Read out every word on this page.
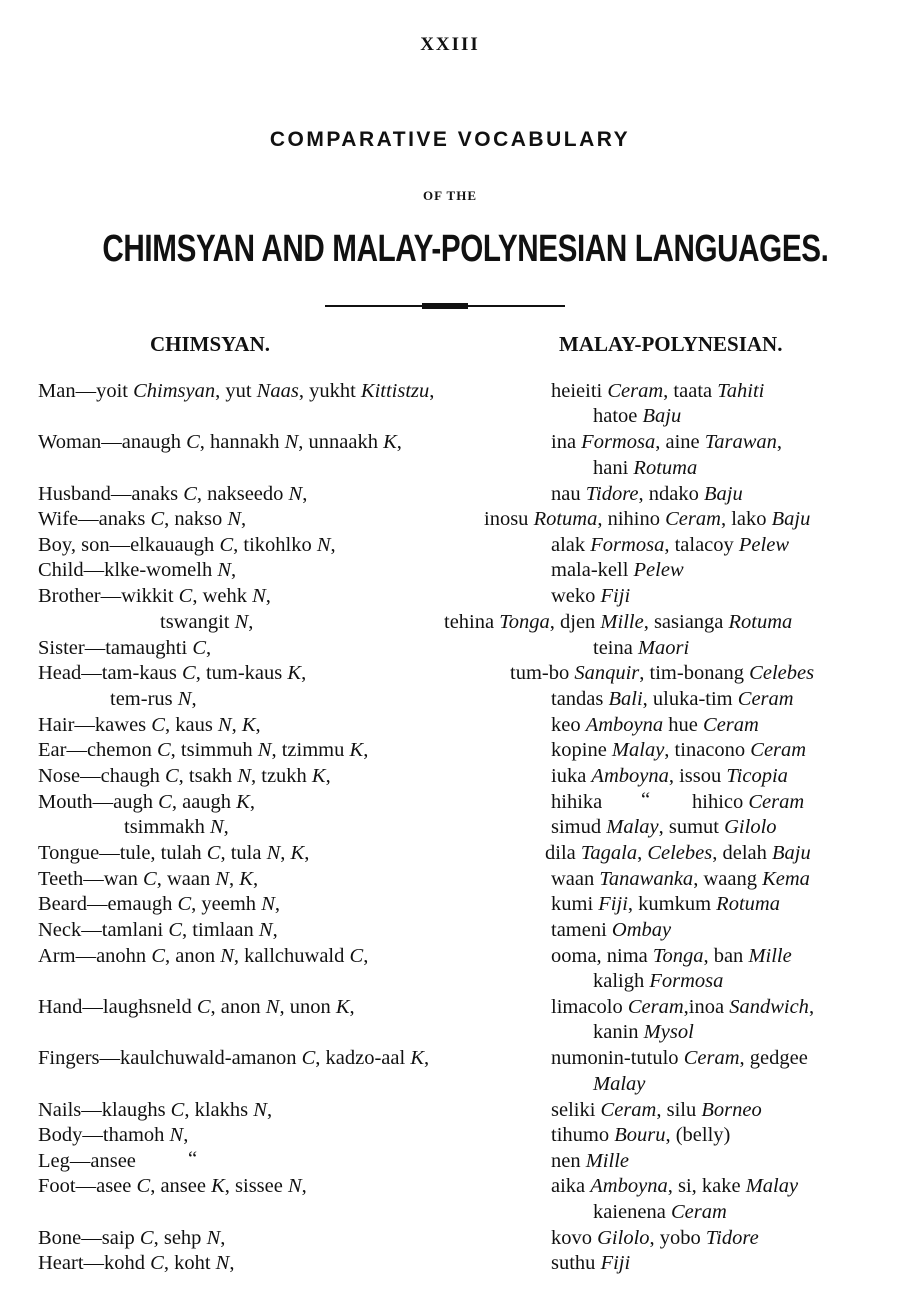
XXIII
COMPARATIVE VOCABULARY
OF THE
CHIMSYAN AND MALAY-POLYNESIAN LANGUAGES.
CHIMSYAN.	MALAY-POLYNESIAN.
Man—yoit Chimsyan, yut Naas, yukht Kittistzu,
Woman—anaugh C, hannakh N, unnaakh K,
Husband—anaks C, nakseedo N,
Wife—anaks C, nakso N,
Boy, son—elkauaugh C, tikohlko N,
Child—klke-womelh N,
Brother—wikkit C, wehk N,
tswangit N,
Sister—tamaughti C,
Head—tam-kaus C, tum-kaus K,
tem-rus N,
Hair—kawes C, kaus N, K,
Ear—chemon C, tsimmuh N, tzimmu K,
Nose—chaugh C, tsakh N, tzukh K,
Mouth—augh C, aaugh K,
tsimmakh N,
Tongue—tule, tulah C, tula N, K,
Teeth—wan C, waan N, K,
Beard—emaugh C, yeemh N,
Neck—tamlani C, timlaan N,
Arm—anohn C, anon N, kallchuwald C,
Hand—laughsneld C, anon N, unon K,
Fingers—kaulchuwald-amanon C, kadzo-aal K,
Nails—klaughs C, klakhs N,
Body—thamoh N,
Leg—ansee	“
Foot—asee C, ansee K, sissee N,
Bone—saip C, sehp N,
Heart—kohd C, koht N,
heieiti Ceram, taata Tahiti
hatoe Baju
ina Formosa, aine Tarawan,
hani Rotuma
nau Tidore, ndako Baju
inosu Rotuma, nihino Ceram, lako Baju
alak Formosa, talacoy Pelew
mala-kell Pelew
weko Fiji
tehina Tonga, djen Mille, sasianga Rotuma
teina Maori
tum-bo Sanquir, tim-bonang Celebes
tandas Bali, uluka-tim Ceram
keo Amboyna hue Ceram
kopine Malay, tinacono Ceram
iuka Amboyna, issou Ticopia
hihika “ hihico Ceram
simud Malay, sumut Gilolo
dila Tagala, Celebes, delah Baju
waan Tanawanka, waang Kema
kumi Fiji, kumkum Rotuma
tameni Ombay
ooma, nima Tonga, ban Mille
kaligh Formosa
limacolo Ceram,inoa Sandwich,
kanin Mysol
numonin-tutulo Ceram, gedgee
Malay
seliki Ceram, silu Borneo
tihumo Bouru, (belly)
nen Mille
aika Amboyna, si, kake Malay
kaienena Ceram
kovo Gilolo, yobo Tidore
suthu Fiji
